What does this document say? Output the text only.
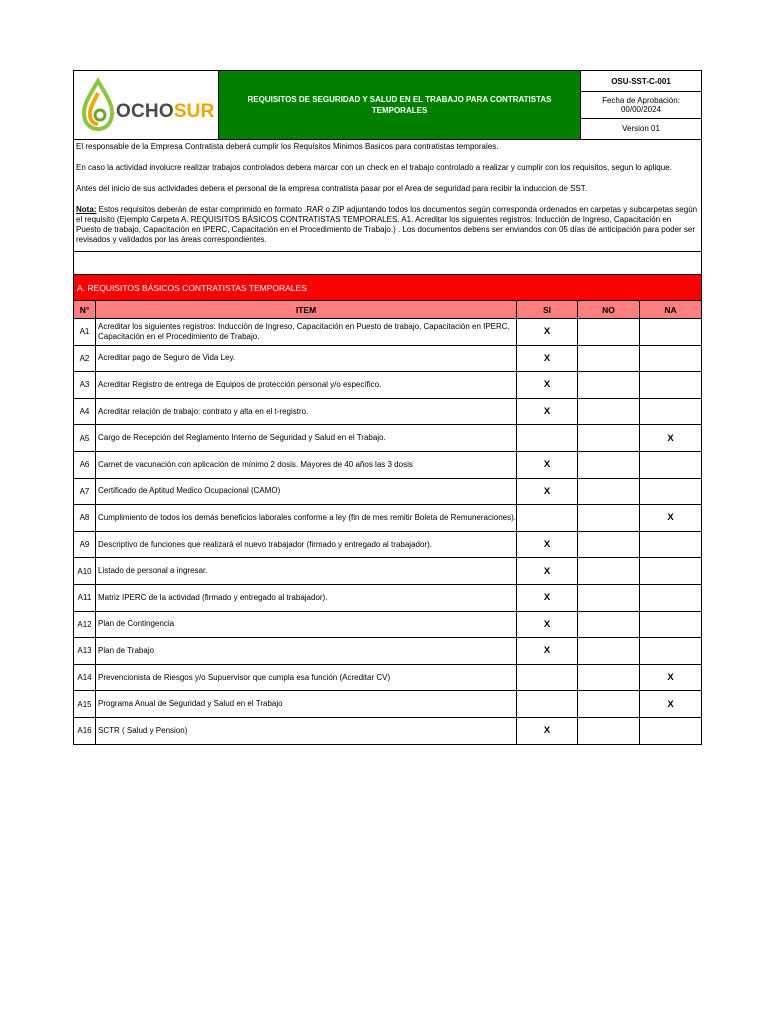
OCHOSUR
	REQUISITOS DE SEGURIDAD Y SALUD EN EL TRABAJO PARA CONTRATISTAS TEMPORALES	OSU-SST-C-001
Fecha de Aprobación: 00/00/2024
Version 01

El responsable de la Empresa Contratista deberá cumplir los Requisitos Minimos Basicos para contratistas temporales.

En caso la actividad involucre realizar trabajos controlados debera marcar con un check en el trabajo controlado a realizar y cumplir con los requisitos, segun lo aplique.

Antes del inicio de sus actividades debera el personal de la empresa contratista pasar por el Area de seguridad para recibir la induccion de SST.

Nota: Estos requisitos deberán de estar comprimido en formato .RAR o ZIP adjuntando todos los documentos según corresponda ordenados en carpetas y subcarpetas según el requisito (Ejemplo Carpeta A. REQUISITOS BÁSICOS CONTRATISTAS TEMPORALES, A1. Acreditar los siguientes registros: Inducción de Ingreso, Capacitación en Puesto de trabajo, Capacitación en IPERC, Capacitación en el Procedimiento de Trabajo.) . Los documentos debens ser enviandos con 05 días de anticipación para poder ser revisados y validados por las áreas correspondientes.				

A. REQUISITOS BÁSICOS CONTRATISTAS TEMPORALES				
N°	ITEM	SI	NO	NA
A1	Acreditar los siguientes registros: Inducción de Ingreso, Capacitación en Puesto de trabajo, Capacitación en IPERC, Capacitación en el Procedimiento de Trabajo.	X		
A2	Acreditar pago de Seguro de Vida Ley.	X		
A3	Acreditar Registro de entrega de Equipos de protección personal y/o específico.	X		
A4	Acreditar relación de trabajo: contrato y alta en el t-registro.	X		
A5	Cargo de Recepción del Reglamento Interno de Seguridad y Salud en el Trabajo.			X
A6	Carnet de vacunación con aplicación de mínimo 2 dosis. Mayores de 40 años las 3 dosis	X		
A7	Certificado de Aptitud Medico Ocupacional (CAMO)	X		
A8	Cumplimiento de todos los demás beneficios laborales conforme a ley (fin de mes remitir Boleta de Remuneraciones).			X
A9	Descriptivo de funciones que realizará el nuevo trabajador (firmado y entregado al trabajador).	X		
A10	Listado de personal a ingresar.	X		
A11	Matriz IPERC de la actividad (firmado y entregado al trabajador).	X		
A12	Plan de Contingencia	X		
A13	Plan de Trabajo	X		
A14	Prevencionista de Riesgos y/o Supuervisor que cumpla esa función (Acreditar CV)			X
A15	Programa Anual de Seguridad y Salud en el Trabajo			X
A16	SCTR ( Salud y Pension)	X		
